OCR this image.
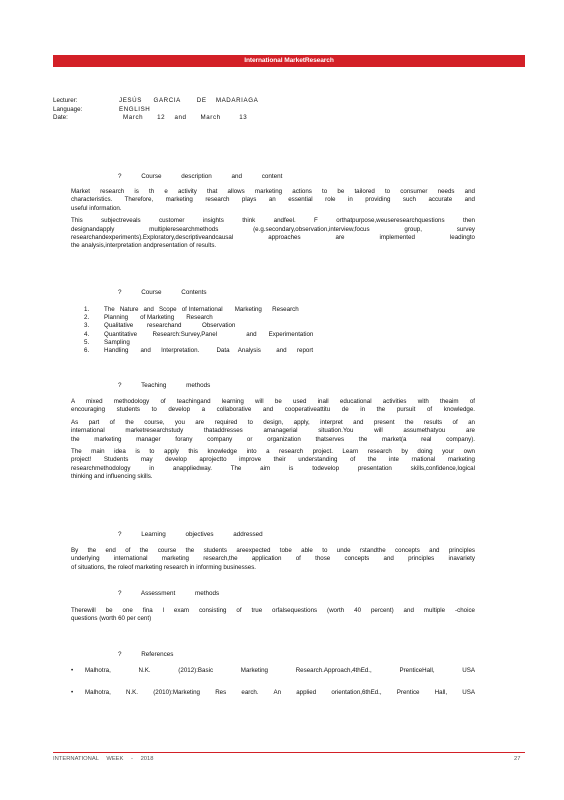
International MarketResearch
Lecturer:	JESÚS     GARCIA       DE    MADARIAGA
Language:	ENGLISH
Date:	March      12    and      March        13
? Course description and content
Market research is th e activity that allows marketing actions to be tailored to consumer needs and
characteristics. Therefore, marketing research plays an essential role in providing such accurate and
useful information.
This subjectreveals customer insights think andfeel. F orthatpurpose,weuseresearchquestions then
designandapply multipleresearchmethods (e.g.secondary,observation,interview,focus group, survey
researchandexperiments).Exploratory,descriptiveandcausal approaches are implemented leadingto
the analysis,interpretation andpresentation of results.
? Course Contents
1.	The   Nature   and   Scope   of International       Marketing      Research
2.	Planning       of Marketing       Research
3.	Qualitative        researchand            Observation
4.	Quantitative         Research:Survey,Panel                 and       Experimentation
5.	Sampling
6.	Handling       and      Interpretation.          Data     Analysis         and      report
? Teaching methods
A mixed methodology of teachingand learning will be used inall educational activities with theaim of
encouraging students to develop a collaborative and cooperativeattitu de in the pursuit of knowledge.
As part of the course, you are required to design, apply, interpret and present the results of an
international marketresearchstudy thataddresses amanagerial situation.You will assumethatyou are
the marketing manager forany company or organization thatserves the market(a real company).
The main idea is to apply this knowledge into a research project. Learn research by doing your own
project! Students may develop aprojectto improve their understanding of the inte rnational marketing
researchmethodology in anappliedway. The aim is todevelop presentation skills,confidence,logical
thinking and influencing skills.
? Learning objectives addressed
By the end of the course the students areexpected tobe able to unde rstandthe concepts and principles
underlying international marketing research,the application of those concepts and principles inavariety
of situations, the roleof marketing research in informing businesses.
? Assessment methods
Therewill be one fina l exam consisting of true orfalsequestions (worth 40 percent) and multiple -choice
questions (worth 60 per cent)
? References
•	Malhotra, N.K. (2012):Basic Marketing Research.Approach,4thEd., PrenticeHall, USA
•	Malhotra, N.K. (2010):Marketing Res earch. An applied orientation,6thEd., Prentice Hall, USA
INTERNATIONAL WEEK - 2018	27
